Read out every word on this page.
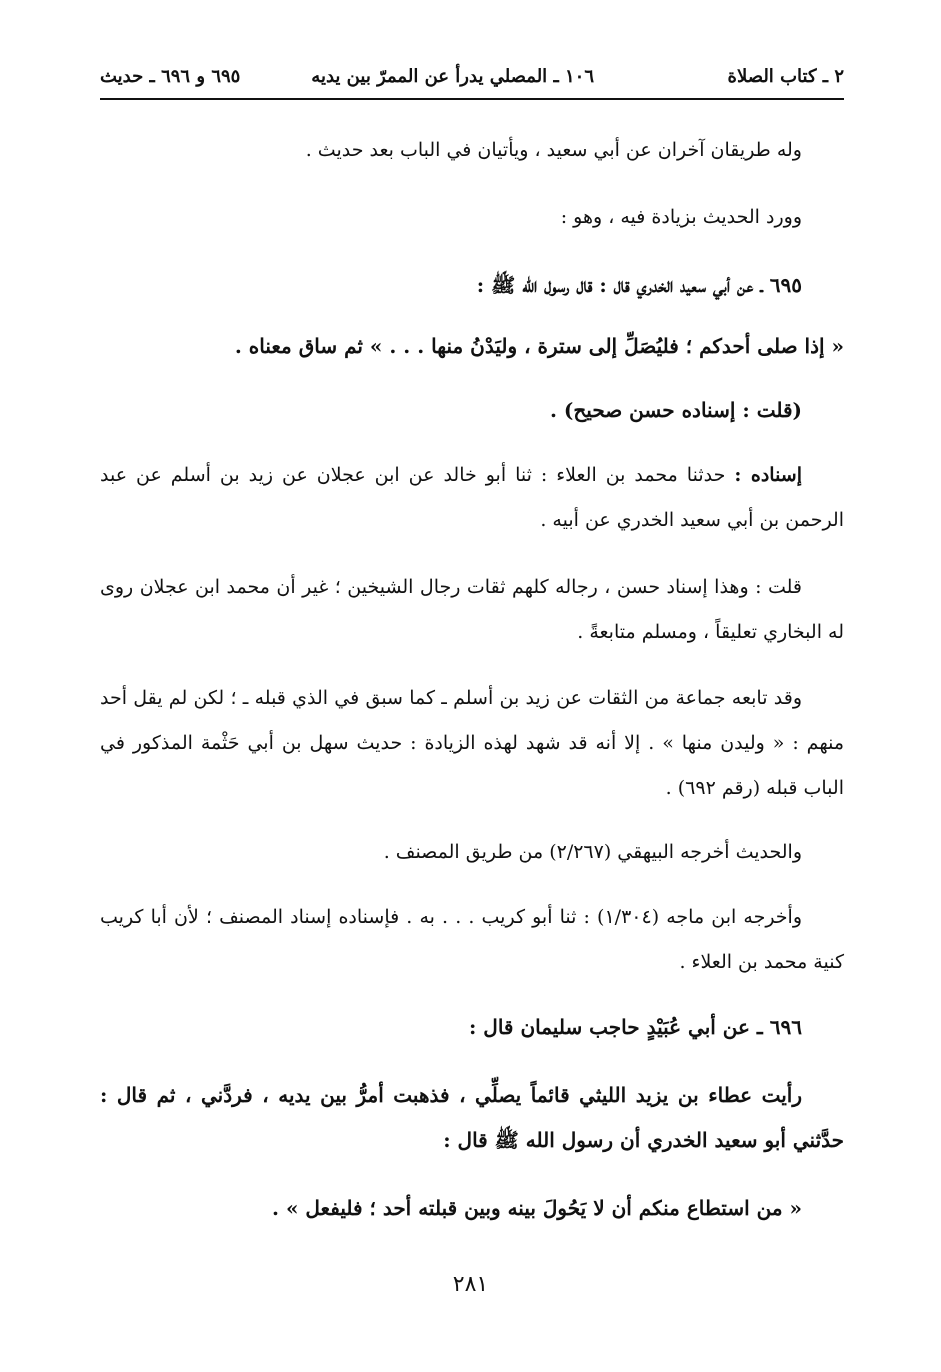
٢ ـ كتاب الصلاة
١٠٦ ـ المصلي يدرأ عن الممرّ بين يديه
٦٩٥ و ٦٩٦ ـ حديث

وله طريقان آخران عن أبي سعيد ، ويأتيان في الباب بعد حديث .

وورد الحديث بزيادة فيه ، وهو :

٦٩٥ ـ عن أبي سعيد الخدري قال : قال رسول الله ﷺ :

« إذا صلى أحدكم ؛ فليُصَلِّ إلى سترة ، وليَدْنُ منها . . . » ثم ساق معناه .

(قلت : إسناده حسن صحيح) .

إسناده : حدثنا محمد بن العلاء : ثنا أبو خالد عن ابن عجلان عن زيد بن أسلم عن عبد الرحمن بن أبي سعيد الخدري عن أبيه .

قلت : وهذا إسناد حسن ، رجاله كلهم ثقات رجال الشيخين ؛ غير أن محمد ابن عجلان روى له البخاري تعليقاً ، ومسلم متابعةً .

وقد تابعه جماعة من الثقات عن زيد بن أسلم ـ كما سبق في الذي قبله ـ ؛ لكن لم يقل أحد منهم : « وليدن منها » . إلا أنه قد شهد لهذه الزيادة : حديث سهل بن أبي حَثْمة المذكور في الباب قبله (رقم ٦٩٢) .

والحديث أخرجه البيهقي (٢/٢٦٧) من طريق المصنف .

وأخرجه ابن ماجه (١/٣٠٤) : ثنا أبو كريب . . . به . فإسناده إسناد المصنف ؛ لأن أبا كريب كنية محمد بن العلاء .

٦٩٦ ـ عن أبي عُبَيْدٍ حاجب سليمان قال :

رأيت عطاء بن يزيد الليثي قائماً يصلِّي ، فذهبت أمرُّ بين يديه ، فردَّني ، ثم قال : حدَّثني أبو سعيد الخدري أن رسول الله ﷺ قال :

« من استطاع منكم أن لا يَحُولَ بينه وبين قبلته أحد ؛ فليفعل » .

٢٨١
